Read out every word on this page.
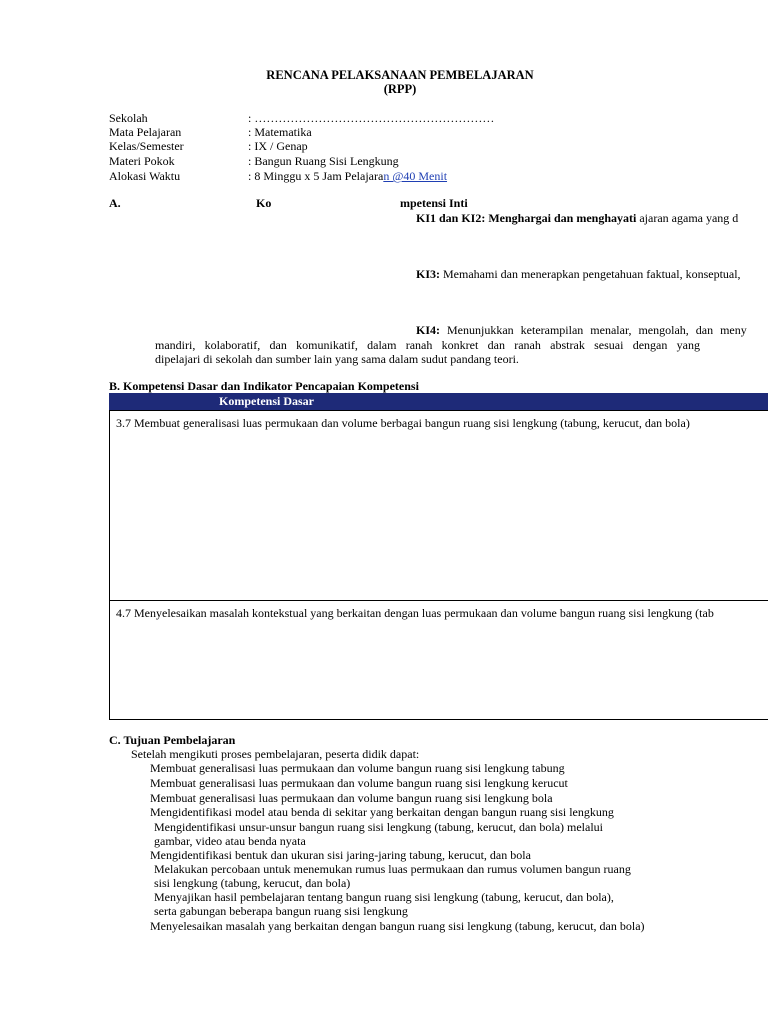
RENCANA PELAKSANAAN PEMBELAJARAN
(RPP)
Sekolah	: ……………………………………………………
Mata Pelajaran	: Matematika
Kelas/Semester	: IX / Genap
Materi Pokok	: Bangun Ruang Sisi Lengkung
Alokasi Waktu	: 8 Minggu x 5 Jam Pelajaran @40 Menit
A.	Ko	mpetensi Inti
KI1 dan KI2: Menghargai dan menghayati ajaran agama yang d
KI3: Memahami dan menerapkan pengetahuan faktual, konseptual,
KI4: Menunjukkan keterampilan menalar, mengolah, dan meny
mandiri, kolaboratif, dan komunikatif, dalam ranah konkret dan ranah abstrak sesuai dengan yang
dipelajari di sekolah dan sumber lain yang sama dalam sudut pandang teori.
B. Kompetensi Dasar dan Indikator Pencapaian Kompetensi
Kompetensi Dasar
3.7 Membuat generalisasi luas permukaan dan volume berbagai bangun ruang sisi lengkung (tabung, kerucut, dan bola)
4.7 Menyelesaikan masalah kontekstual yang berkaitan dengan luas permukaan dan volume bangun ruang sisi lengkung (tab
C. Tujuan Pembelajaran
Setelah mengikuti proses pembelajaran, peserta didik dapat:
Membuat generalisasi luas permukaan dan volume bangun ruang sisi lengkung tabung
Membuat generalisasi luas permukaan dan volume bangun ruang sisi lengkung kerucut
Membuat generalisasi luas permukaan dan volume bangun ruang sisi lengkung bola
Mengidentifikasi model atau benda di sekitar yang berkaitan dengan bangun ruang sisi lengkung
Mengidentifikasi unsur-unsur bangun ruang sisi lengkung (tabung, kerucut, dan bola) melalui
gambar, video atau benda nyata
Mengidentifikasi bentuk dan ukuran sisi jaring-jaring tabung, kerucut, dan bola
Melakukan percobaan untuk menemukan rumus luas permukaan dan rumus volumen bangun ruang
sisi lengkung (tabung, kerucut, dan bola)
Menyajikan hasil pembelajaran tentang bangun ruang sisi lengkung (tabung, kerucut, dan bola),
serta gabungan beberapa bangun ruang sisi lengkung
Menyelesaikan masalah yang berkaitan dengan bangun ruang sisi lengkung (tabung, kerucut, dan bola)
